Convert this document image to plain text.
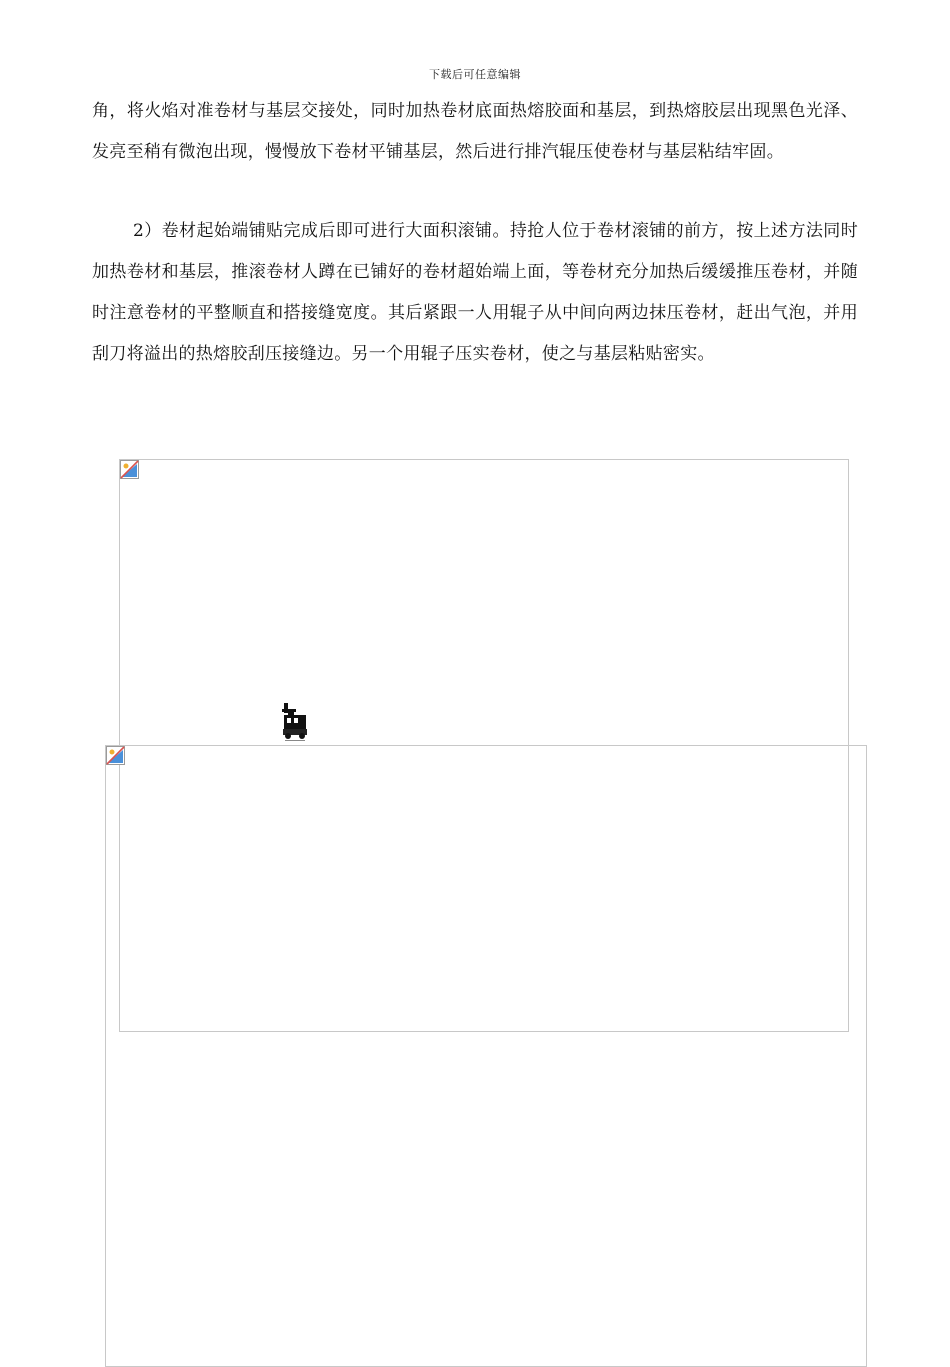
下载后可任意编辑

角，将火焰对准卷材与基层交接处，同时加热卷材底面热熔胶面和基层，到热熔胶层出现黑色光泽、 发亮至稍有微泡出现，慢慢放下卷材平铺基层，然后进行排汽辊压使卷材与基层粘结牢固。

2）卷材起始端铺贴完成后即可进行大面积滚铺。持抢人位于卷材滚铺的前方，按上述方法同时加热卷材和基层，推滚卷材人蹲在已铺好的卷材超始端上面，等卷材充分加热后缓缓推压卷材，并随时注意卷材的平整顺直和搭接缝宽度。其后紧跟一人用辊子从中间向两边抹压卷材，赶出气泡，并用刮刀将溢出的热熔胶刮压接缝边。另一个用辊子压实卷材，使之与基层粘贴密实。
